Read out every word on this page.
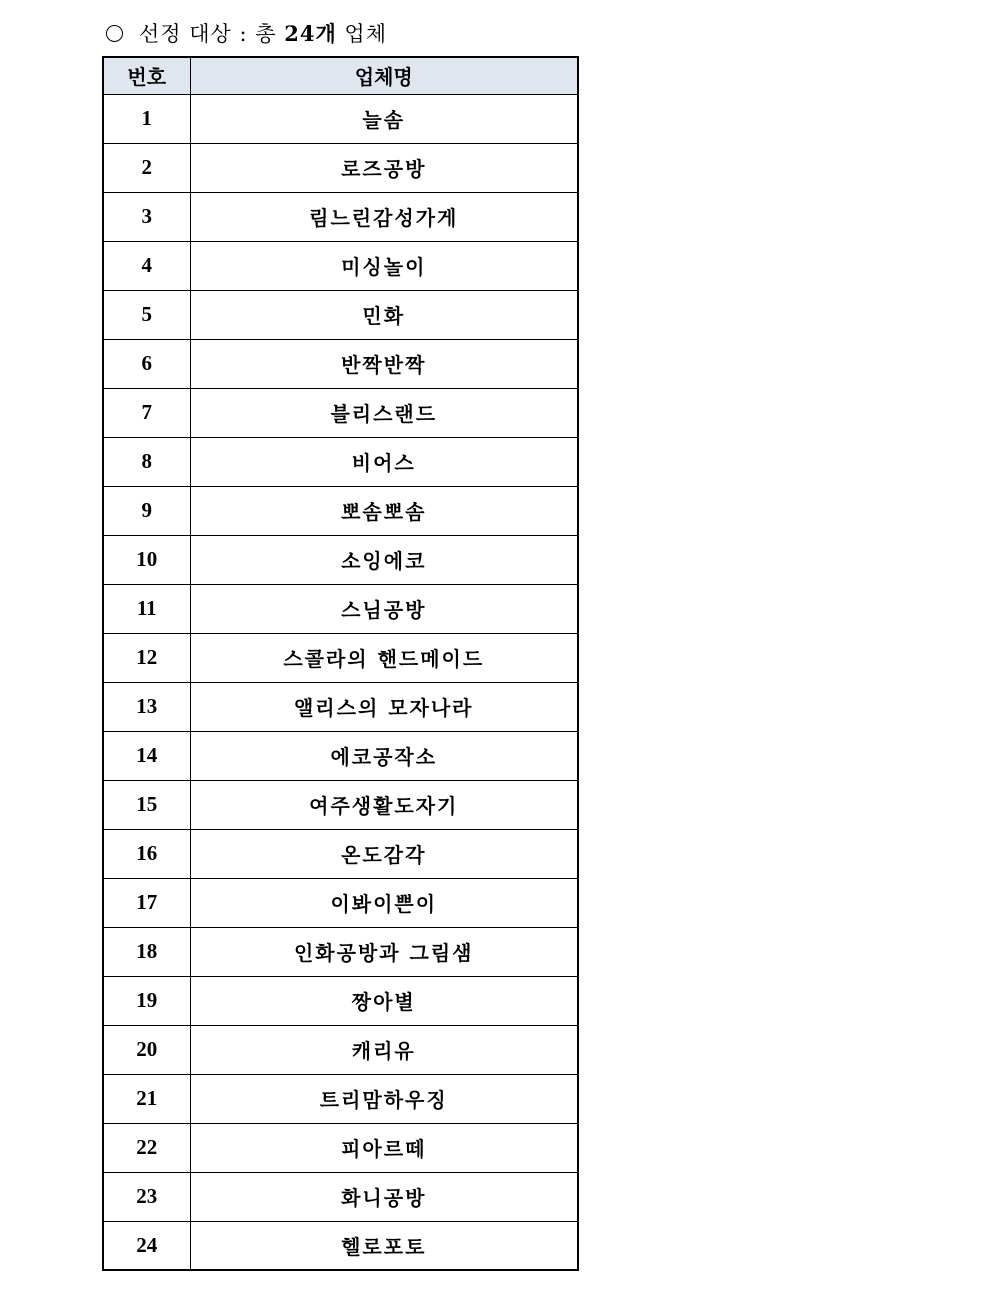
선정 대상 : 총
24개
업체
번호	업체명
1	늘솜
2	로즈공방
3	림느린감성가게
4	미싱놀이
5	민화
6	반짝반짝
7	블리스랜드
8	비어스
9	뽀솜뽀솜
10	소잉에코
11	스님공방
12	스콜라의 핸드메이드
13	앨리스의 모자나라
14	에코공작소
15	여주생활도자기
16	온도감각
17	이봐이쁜이
18	인화공방과 그림샘
19	짱아별
20	캐리유
21	트리맘하우징
22	피아르떼
23	화니공방
24	헬로포토
